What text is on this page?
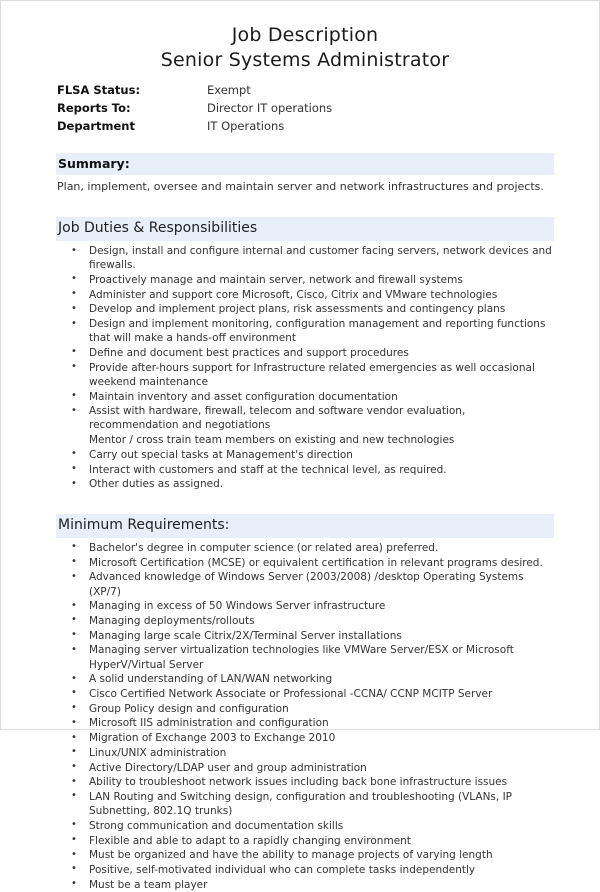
Job Description
Senior Systems Administrator
FLSA Status:	Exempt
Reports To:	Director IT operations
Department	IT Operations
Summary:
Plan, implement, oversee and maintain server and network infrastructures and projects.
Job Duties & Responsibilities
• Design, install and configure internal and customer facing servers, network devices and firewalls.
• Proactively manage and maintain server, network and firewall systems
• Administer and support core Microsoft, Cisco, Citrix and VMware technologies
• Develop and implement project plans, risk assessments and contingency plans
• Design and implement monitoring, configuration management and reporting functions that will make a hands-off environment
• Define and document best practices and support procedures
• Provide after-hours support for Infrastructure related emergencies as well occasional weekend maintenance
• Maintain inventory and asset configuration documentation
• Assist with hardware, firewall, telecom and software vendor evaluation, recommendation and negotiations
Mentor / cross train team members on existing and new technologies
• Carry out special tasks at Management's direction
• Interact with customers and staff at the technical level, as required.
• Other duties as assigned.
Minimum Requirements:
• Bachelor's degree in computer science (or related area) preferred.
• Microsoft Certification (MCSE) or equivalent certification in relevant programs desired.
• Advanced knowledge of Windows Server (2003/2008) /desktop Operating Systems (XP/7)
• Managing in excess of 50 Windows Server infrastructure
• Managing deployments/rollouts
• Managing large scale Citrix/2X/Terminal Server installations
• Managing server virtualization technologies like VMWare Server/ESX or Microsoft HyperV/Virtual Server
• A solid understanding of LAN/WAN networking
• Cisco Certified Network Associate or Professional -CCNA/ CCNP MCITP Server
• Group Policy design and configuration
• Microsoft IIS administration and configuration
• Migration of Exchange 2003 to Exchange 2010
• Linux/UNIX administration
• Active Directory/LDAP user and group administration
• Ability to troubleshoot network issues including back bone infrastructure issues
• LAN Routing and Switching design, configuration and troubleshooting (VLANs, IP Subnetting, 802.1Q trunks)
• Strong communication and documentation skills
• Flexible and able to adapt to a rapidly changing environment
• Must be organized and have the ability to manage projects of varying length
• Positive, self-motivated individual who can complete tasks independently
• Must be a team player
